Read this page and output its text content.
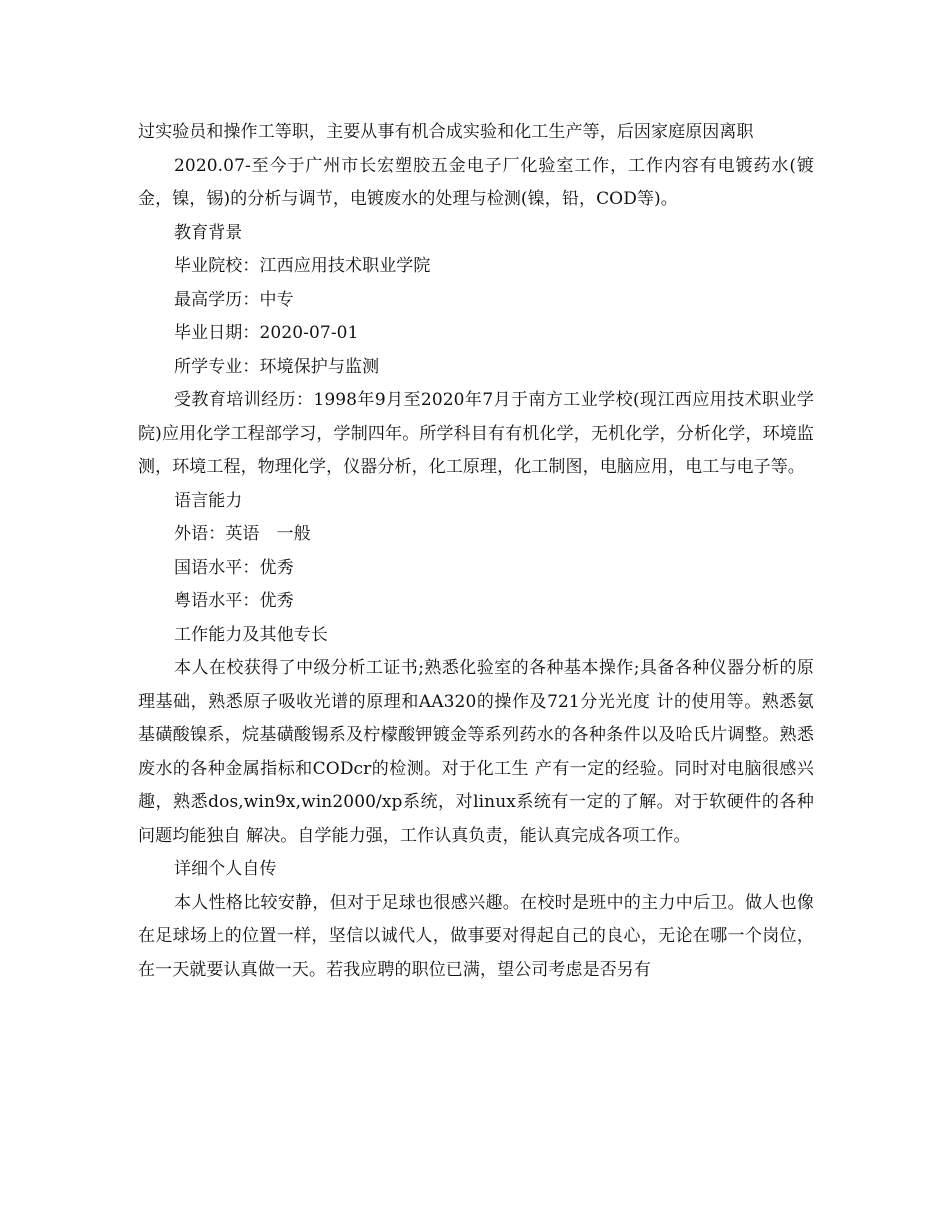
过实验员和操作工等职，主要从事有机合成实验和化工生产等，后因家庭原因离职

2020.07-至今于广州市长宏塑胶五金电子厂化验室工作，工作内容有电镀药水(镀金，镍，锡)的分析与调节，电镀废水的处理与检测(镍，铅，COD等)。

教育背景

毕业院校：江西应用技术职业学院

最高学历：中专

毕业日期：2020-07-01

所学专业：环境保护与监测

受教育培训经历：1998年9月至2020年7月于南方工业学校(现江西应用技术职业学院)应用化学工程部学习，学制四年。所学科目有有机化学，无机化学，分析化学，环境监测，环境工程，物理化学，仪器分析，化工原理，化工制图，电脑应用，电工与电子等。

语言能力

外语：英语　一般

国语水平：优秀

粤语水平：优秀

工作能力及其他专长

本人在校获得了中级分析工证书;熟悉化验室的各种基本操作;具备各种仪器分析的原理基础，熟悉原子吸收光谱的原理和AA320的操作及721分光光度 计的使用等。熟悉氨基磺酸镍系，烷基磺酸锡系及柠檬酸钾镀金等系列药水的各种条件以及哈氏片调整。熟悉废水的各种金属指标和CODcr的检测。对于化工生 产有一定的经验。同时对电脑很感兴趣，熟悉dos,win9x,win2000/xp系统，对linux系统有一定的了解。对于软硬件的各种问题均能独自 解决。自学能力强，工作认真负责，能认真完成各项工作。

详细个人自传

本人性格比较安静，但对于足球也很感兴趣。在校时是班中的主力中后卫。做人也像在足球场上的位置一样，坚信以诚代人，做事要对得起自己的良心，无论在哪一个岗位，在一天就要认真做一天。若我应聘的职位已满，望公司考虑是否另有
